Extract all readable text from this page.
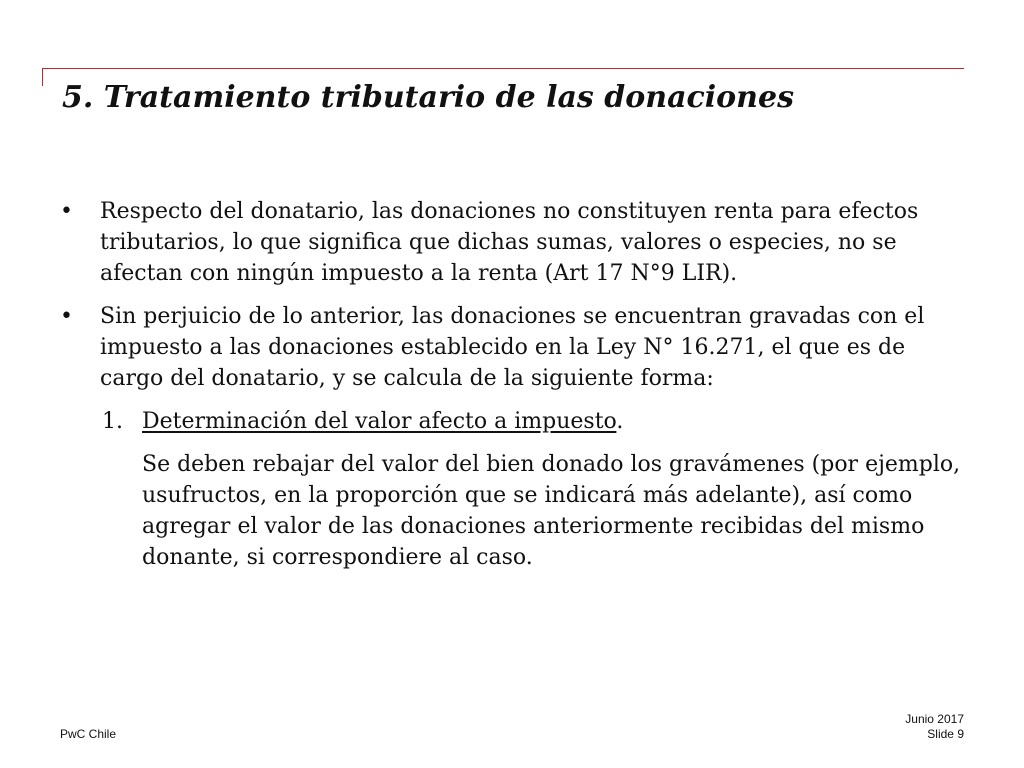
5. Tratamiento tributario de las donaciones
• Respecto del donatario, las donaciones no constituyen renta para efectos tributarios, lo que significa que dichas sumas, valores o especies, no se afectan con ningún impuesto a la renta (Art 17 N°9 LIR).
• Sin perjuicio de lo anterior, las donaciones se encuentran gravadas con el impuesto a las donaciones establecido en la Ley N° 16.271, el que es de cargo del donatario, y se calcula de la siguiente forma:
1. Determinación del valor afecto a impuesto.
Se deben rebajar del valor del bien donado los gravámenes (por ejemplo, usufructos, en la proporción que se indicará más adelante), así como agregar el valor de las donaciones anteriormente recibidas del mismo donante, si correspondiere al caso.
PwC Chile
Junio 2017
Slide 9
